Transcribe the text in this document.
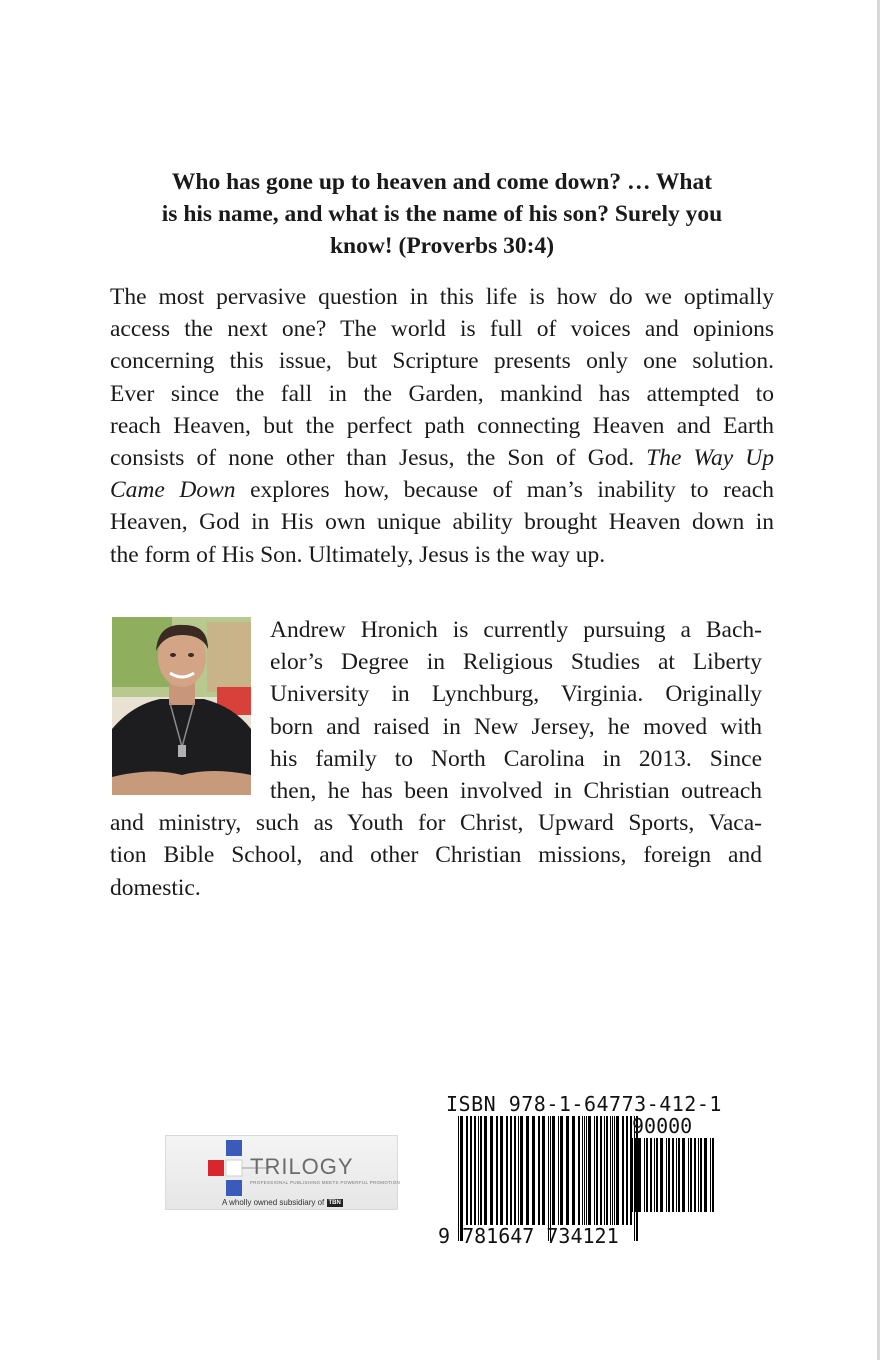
Who has gone up to heaven and come down? … What
is his name, and what is the name of his son? Surely you
know! (Proverbs 30:4)
The most pervasive question in this life is how do we optimally
access the next one? The world is full of voices and opinions
concerning this issue, but Scripture presents only one solution.
Ever since the fall in the Garden, mankind has attempted to
reach Heaven, but the perfect path connecting Heaven and Earth
consists of none other than Jesus, the Son of God. The Way Up
Came Down explores how, because of man’s inability to reach
Heaven, God in His own unique ability brought Heaven down in
the form of His Son. Ultimately, Jesus is the way up.
Andrew Hronich is currently pursuing a Bach-
elor’s Degree in Religious Studies at Liberty
University in Lynchburg, Virginia. Originally
born and raised in New Jersey, he moved with
his family to North Carolina in 2013. Since
then, he has been involved in Christian outreach
and ministry, such as Youth for Christ, Upward Sports, Vaca-
tion Bible School, and other Christian missions, foreign and
domestic.
TRILOGY
PROFESSIONAL PUBLISHING MEETS POWERFUL PROMOTION
A wholly owned subsidiary of TBN
ISBN 978-1-64773-412-1
90000
9 781647 734121
